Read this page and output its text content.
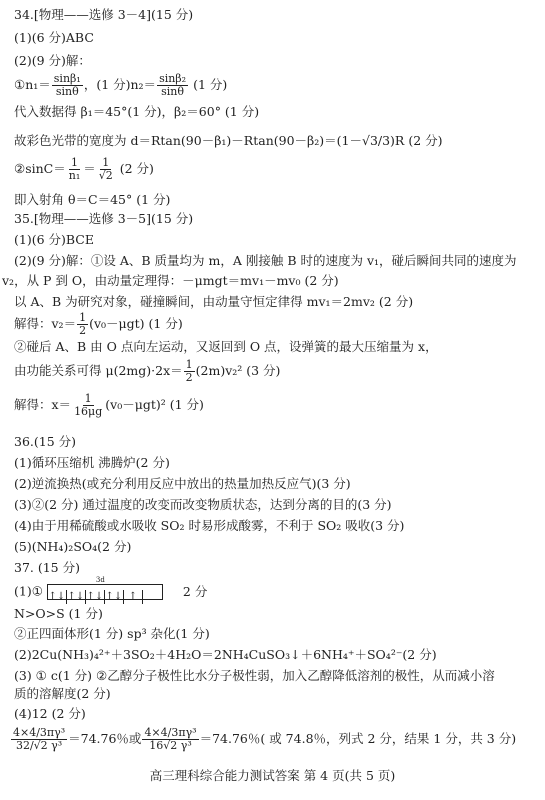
34.[物理——选修 3－4](15 分)
(1)(6 分)ABC
(2)(9 分)解：
①n₁＝ $\frac{\text{sinβ₁}}{\sin\theta}$ ，(1 分)$n_2= \frac{\text{sinβ₂}}{\sin\theta} (1$ 分)
代入数据得 β₁＝45°(1 分)，β₂＝60° (1 分)
故彩色光带的宽度为 d＝Rtan(90－β₁)－Rtan(90－β₂)＝(1－√3/3)R (2 分)
②sinC＝ $\frac{1}{\text{n₁}} = \frac{1}{√2} (2$ 分)
即入射角 θ＝C＝45° (1 分)
35.[物理——选修 3－5](15 分)
(1)(6 分)BCE
(2)(9 分)解：①设 A、B 质量均为 m，A 刚接触 B 时的速度为 v₁，碰后瞬间共同的速度为
v₂，从 P 到 O，由动量定理得：－μmgt＝mv₁－mv₀ (2 分)
以 A、B 为研究对象，碰撞瞬间，由动量守恒定律得 mv₁＝2mv₂ (2 分)
解得：$v_2= \frac{1}{2} (v_0-\mu gt)$ (1 分)
②碰后 A、B 由 O 点向左运动，又返回到 O 点，设弹簧的最大压缩量为 x，
由功能关系可得 $\mu(2mg)\cdot 2x= \frac{1}{2} (2m)v_2^2$ (3 分)
解得：$x= \frac{1}{16\mu g} (v_0-\mu gt)^2$ (1 分)
36.(15 分)
(1)循环压缩机 沸腾炉(2 分)
(2)逆流换热(或充分利用反应中放出的热量加热反应气)(3 分)
(3)②(2 分) 通过温度的改变而改变物质状态，达到分离的目的(3 分)
(4)由于用稀硫酸或水吸收 SO₂ 时易形成酸雾，不利于 SO₂ 吸收(3 分)
(5)(NH₄)₂SO₄(2 分)
37. (15 分)
(1)①
3d
↑↓ ↑↓ ↑↓ ↑↓ ↑	2 分
N>O>S (1 分)
②正四面体形(1 分) sp³ 杂化(1 分)
(2)2Cu(NH₃)₄²⁺＋3SO₂＋4H₂O＝2NH₄CuSO₃↓＋6NH₄⁺＋SO₄²⁻(2 分)
(3) ① c(1 分) ②乙醇分子极性比水分子极性弱，加入乙醇降低溶剂的极性，从而减小溶
质的溶解度(2 分)
(4)12 (2 分)
$\frac{\text{4×4/3πγ³}}{\text{32/√2 γ³}} =74.76$％或 $\frac{\text{4×4/3πγ³}}{\text{16√2 γ³}} =74.76$％( 或 74.8％，列式 2 分，结果 1 分，共 3 分)
高三理科综合能力测试答案 第 4 页(共 5 页)
